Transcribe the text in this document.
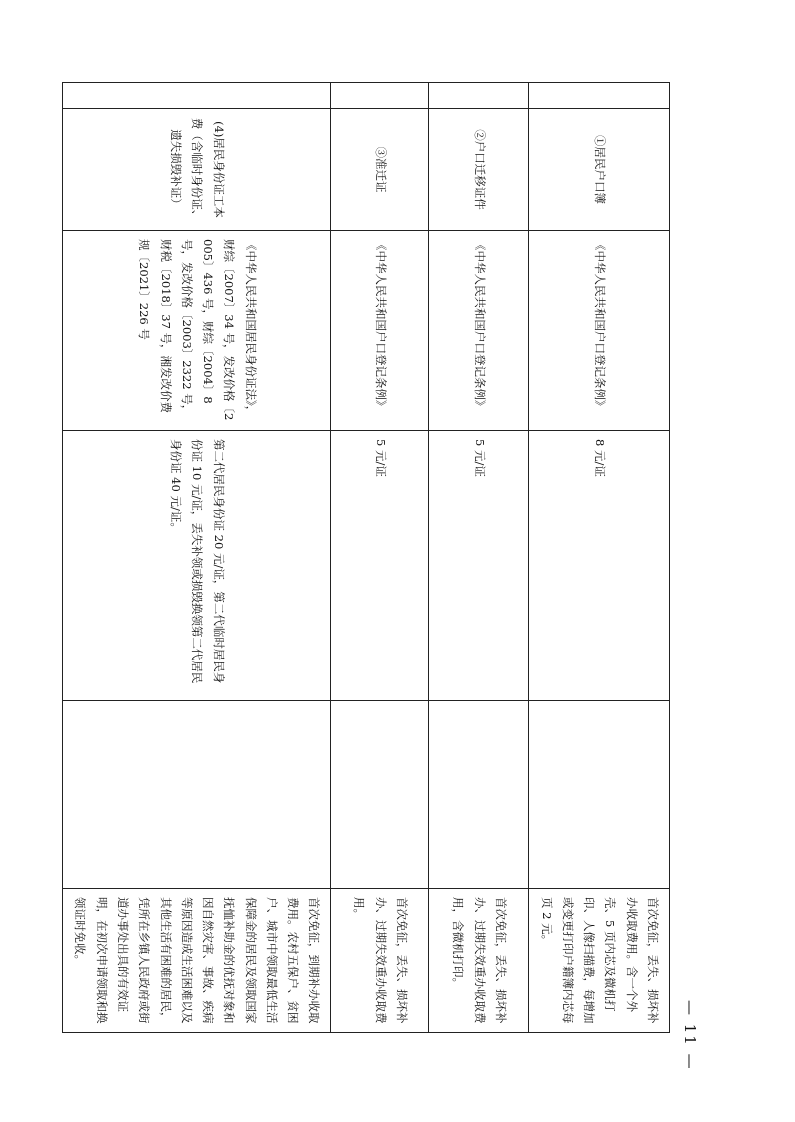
	①居民户口簿	《中华人民共和国户口登记条例》	8 元/证		首次免征，丢失、损坏补办收取费用。含一个外壳、5 页内芯及微机打印、人像扫描费，每增加或变更打印户籍簿内芯每页 2 元。
	②户口迁移证件	《中华人民共和国户口登记条例》	5 元/证		首次免征，丢失、损坏补办、过期失效重办收取费用，含微机打印。
	③准迁证	《中华人民共和国户口登记条例》	5 元/证		首次免征，丢失、损坏补办、过期失效重办收取费用。
	(4)居民身份证工本费（含临时身份证、遗失损毁补证）	《中华人民共和国居民身份证法》，财综〔2007〕34 号，发改价格〔2005〕436 号，财综〔2004〕8 号，发改价格〔2003〕2322 号，财税〔2018〕37 号，湘发改价费规〔2021〕226 号	第二代居民身份证 20 元/证，第二代临时居民身份证 10 元/证，丢失补领或损毁换领第二代居民身份证 40 元/证。		首次免征，到期补办收取费用。农村五保户、贫困户、城市中领取最低生活保障金的居民及领取国家抚恤补助金的优抚对象和因自然灾害、事故、疾病等原因造成生活困难以及其他生活有困难的居民，凭所在乡镇人民政府或街道办事处出具的有效证明，在初次申请领取和换领证时免收。
— 11 —
